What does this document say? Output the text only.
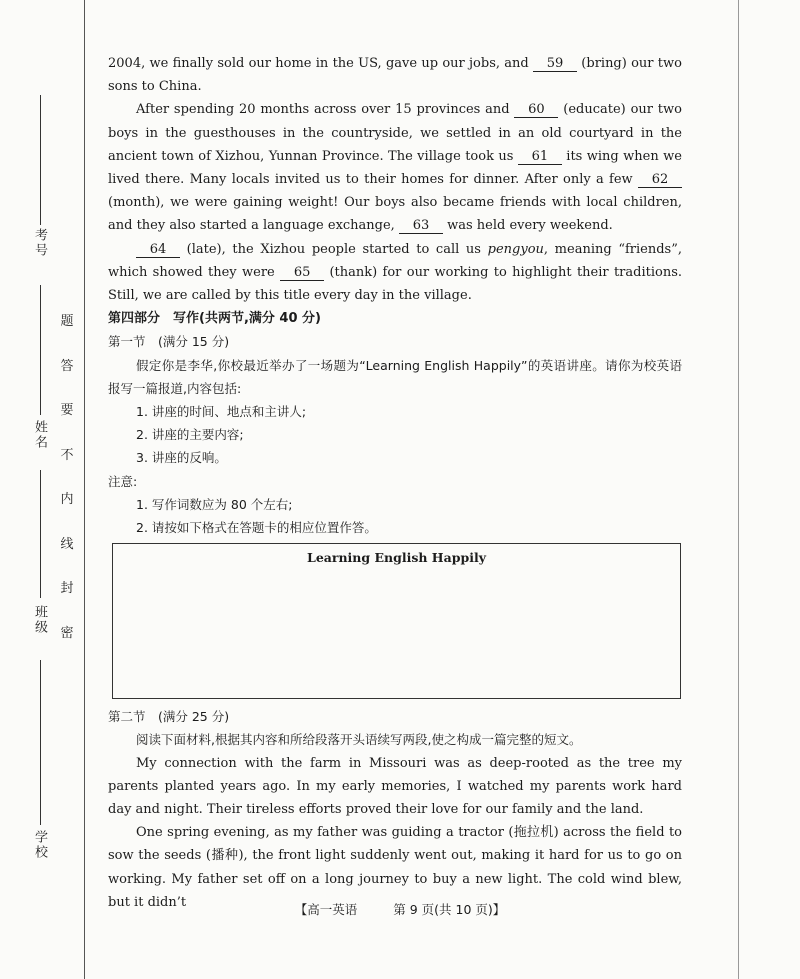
考号
姓名
班级
学校
题
答
要
不
内
线
封
密

2004, we finally sold our home in the US, gave up our jobs, and 59 (bring) our two sons to China.

After spending 20 months across over 15 provinces and 60 (educate) our two boys in the guesthouses in the countryside, we settled in an old courtyard in the ancient town of Xizhou, Yunnan Province. The village took us 61 its wing when we lived there. Many locals invited us to their homes for dinner. After only a few 62 (month), we were gaining weight! Our boys also became friends with local children, and they also started a language exchange, 63 was held every weekend.

64 (late), the Xizhou people started to call us pengyou, meaning “friends”, which showed they were 65 (thank) for our working to highlight their traditions. Still, we are called by this title every day in the village.

第四部分　写作(共两节,满分 40 分)

第一节　(满分 15 分)

假定你是李华,你校最近举办了一场题为“Learning English Happily”的英语讲座。请你为校英语报写一篇报道,内容包括:

1. 讲座的时间、地点和主讲人;

2. 讲座的主要内容;

3. 讲座的反响。

注意:

1. 写作词数应为 80 个左右;

2. 请按如下格式在答题卡的相应位置作答。

Learning English Happily

第二节　(满分 25 分)

阅读下面材料,根据其内容和所给段落开头语续写两段,使之构成一篇完整的短文。

My connection with the farm in Missouri was as deep-rooted as the tree my parents planted years ago. In my early memories, I watched my parents work hard day and night. Their tireless efforts proved their love for our family and the land.

One spring evening, as my father was guiding a tractor (拖拉机) across the field to sow the seeds (播种), the front light suddenly went out, making it hard for us to go on working. My father set off on a long journey to buy a new light. The cold wind blew, but it didn’t	【高一英语	第 9 页(共 10 页)】
